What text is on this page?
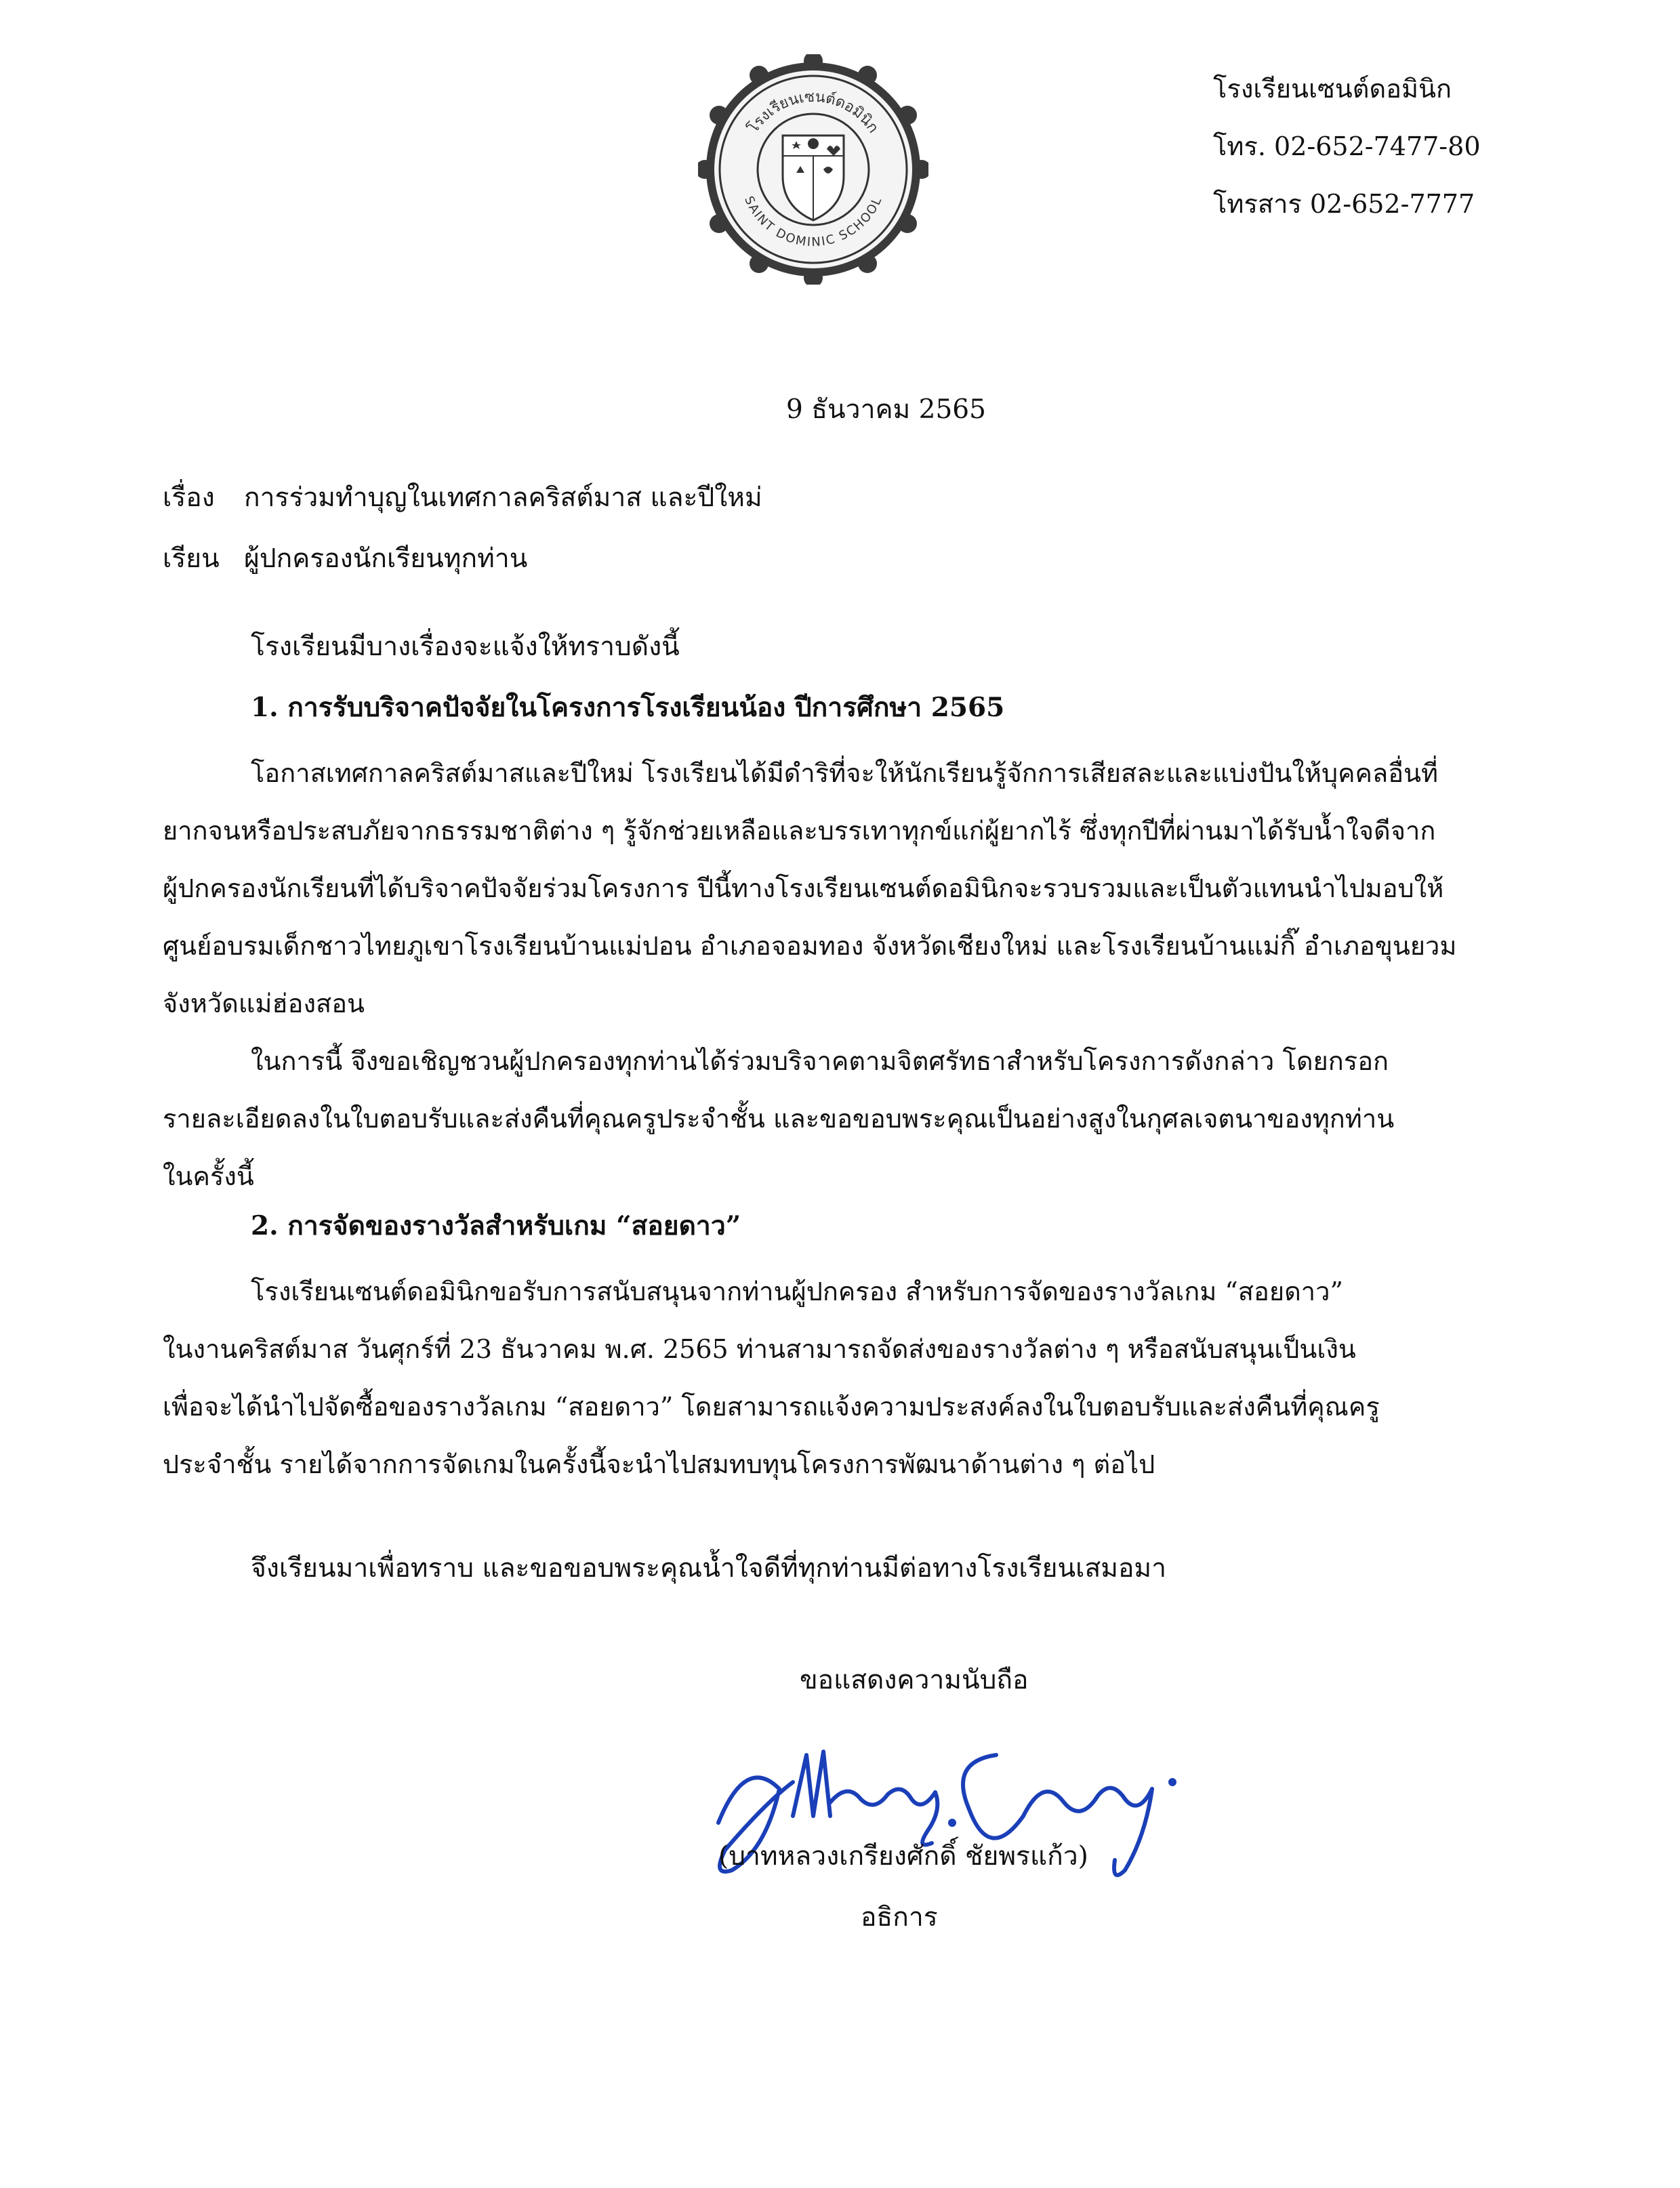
โรงเรียนเซนต์ดอมินิก
SAINT DOMINIC SCHOOL
โรงเรียนเซนต์ดอมินิก
โทร. 02-652-7477-80
โทรสาร 02-652-7777
9 ธันวาคม 2565
เรื่อง การร่วมทำบุญในเทศกาลคริสต์มาส และปีใหม่
เรียน ผู้ปกครองนักเรียนทุกท่าน
โรงเรียนมีบางเรื่องจะแจ้งให้ทราบดังนี้
1. การรับบริจาคปัจจัยในโครงการโรงเรียนน้อง ปีการศึกษา 2565
โอกาสเทศกาลคริสต์มาสและปีใหม่ โรงเรียนได้มีดำริที่จะให้นักเรียนรู้จักการเสียสละและแบ่งปันให้บุคคลอื่นที่
ยากจนหรือประสบภัยจากธรรมชาติต่าง ๆ รู้จักช่วยเหลือและบรรเทาทุกข์แก่ผู้ยากไร้ ซึ่งทุกปีที่ผ่านมาได้รับน้ำใจดีจาก
ผู้ปกครองนักเรียนที่ได้บริจาคปัจจัยร่วมโครงการ ปีนี้ทางโรงเรียนเซนต์ดอมินิกจะรวบรวมและเป็นตัวแทนนำไปมอบให้
ศูนย์อบรมเด็กชาวไทยภูเขาโรงเรียนบ้านแม่ปอน อำเภอจอมทอง จังหวัดเชียงใหม่ และโรงเรียนบ้านแม่กิ๊ อำเภอขุนยวม
จังหวัดแม่ฮ่องสอน
ในการนี้ จึงขอเชิญชวนผู้ปกครองทุกท่านได้ร่วมบริจาคตามจิตศรัทธาสำหรับโครงการดังกล่าว โดยกรอก
รายละเอียดลงในใบตอบรับและส่งคืนที่คุณครูประจำชั้น และขอขอบพระคุณเป็นอย่างสูงในกุศลเจตนาของทุกท่าน
ในครั้งนี้
2. การจัดของรางวัลสำหรับเกม “สอยดาว”
โรงเรียนเซนต์ดอมินิกขอรับการสนับสนุนจากท่านผู้ปกครอง สำหรับการจัดของรางวัลเกม “สอยดาว”
ในงานคริสต์มาส วันศุกร์ที่ 23 ธันวาคม พ.ศ. 2565 ท่านสามารถจัดส่งของรางวัลต่าง ๆ หรือสนับสนุนเป็นเงิน
เพื่อจะได้นำไปจัดซื้อของรางวัลเกม “สอยดาว” โดยสามารถแจ้งความประสงค์ลงในใบตอบรับและส่งคืนที่คุณครู
ประจำชั้น รายได้จากการจัดเกมในครั้งนี้จะนำไปสมทบทุนโครงการพัฒนาด้านต่าง ๆ ต่อไป
จึงเรียนมาเพื่อทราบ และขอขอบพระคุณน้ำใจดีที่ทุกท่านมีต่อทางโรงเรียนเสมอมา
ขอแสดงความนับถือ
(บาทหลวงเกรียงศักดิ์ ชัยพรแก้ว)
อธิการ
